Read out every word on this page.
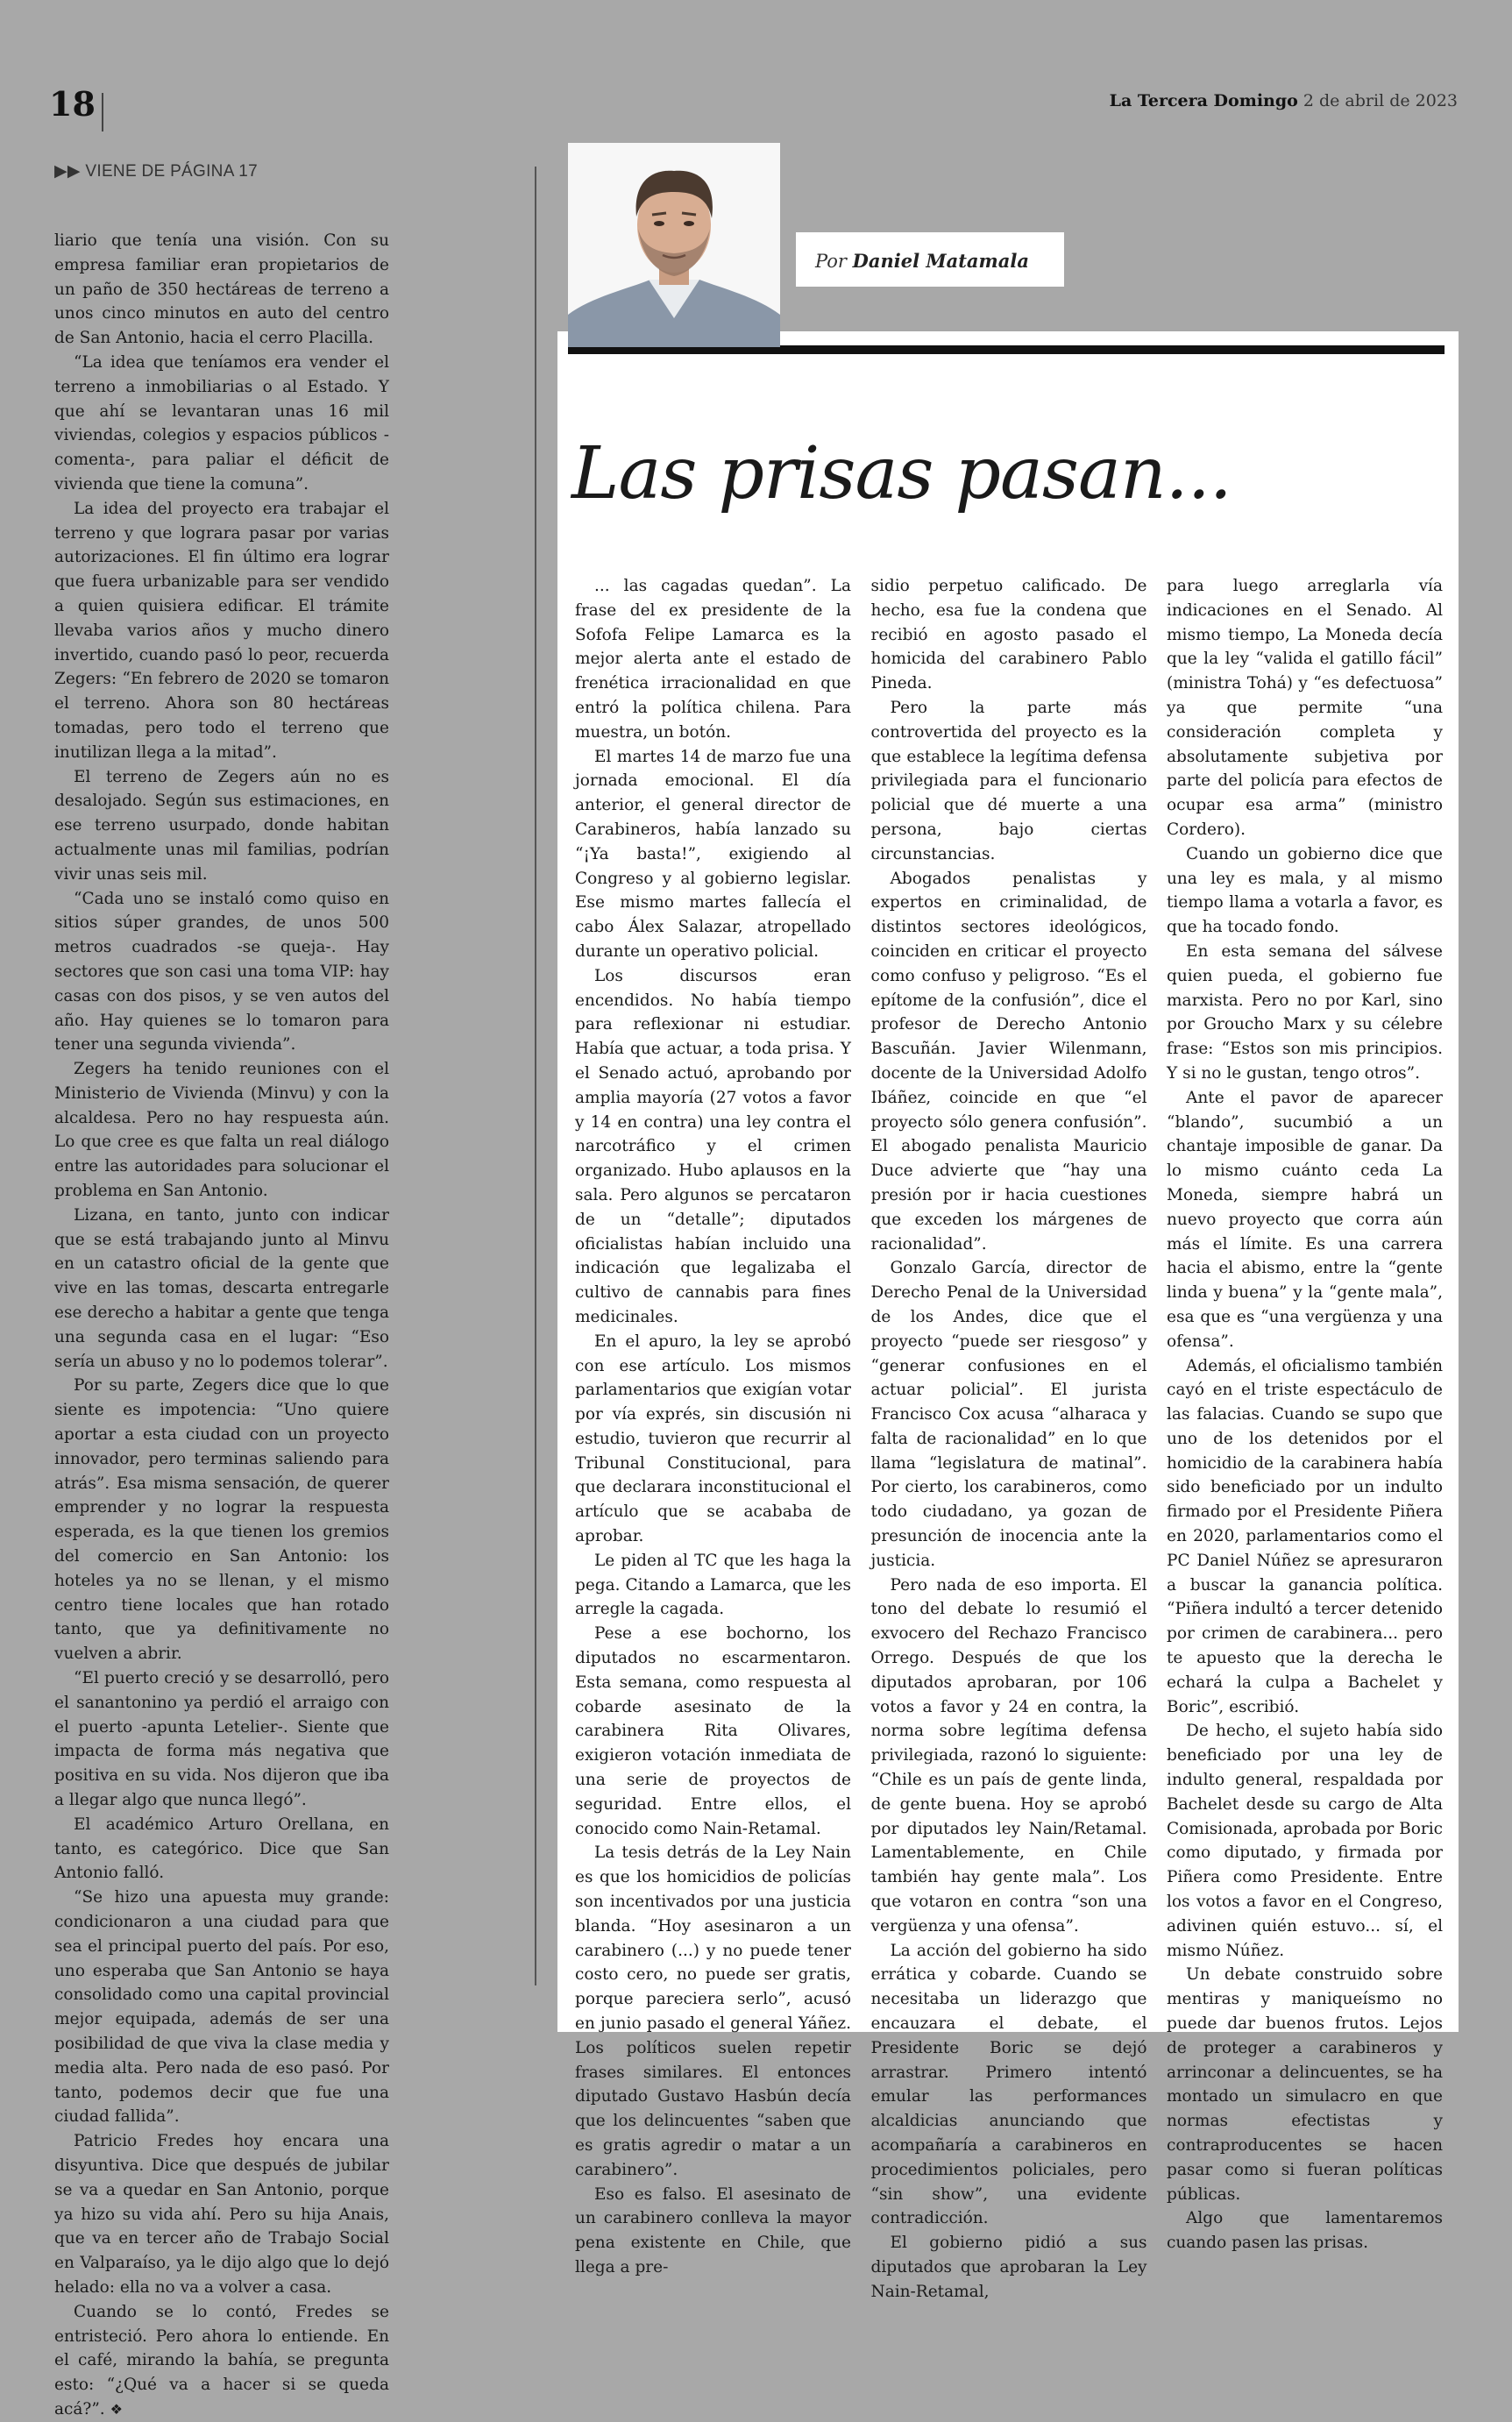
18	La Tercera Domingo 2 de abril de 2023
▶▶ VIENE DE PÁGINA 17

liario que tenía una visión. Con su empresa familiar eran propietarios de un paño de 350 hectáreas de terreno a unos cinco minutos en auto del centro de San Antonio, hacia el cerro Placilla.

“La idea que teníamos era vender el terreno a inmobiliarias o al Estado. Y que ahí se levantaran unas 16 mil viviendas, colegios y espacios públicos -comenta-, para paliar el déficit de vivienda que tiene la comuna”.

La idea del proyecto era trabajar el terreno y que lograra pasar por varias autorizaciones. El fin último era lograr que fuera urbanizable para ser vendido a quien quisiera edificar. El trámite llevaba varios años y mucho dinero invertido, cuando pasó lo peor, recuerda Zegers: “En febrero de 2020 se tomaron el terreno. Ahora son 80 hectáreas tomadas, pero todo el terreno que inutilizan llega a la mitad”.

El terreno de Zegers aún no es desalojado. Según sus estimaciones, en ese terreno usurpado, donde habitan actualmente unas mil familias, podrían vivir unas seis mil.

“Cada uno se instaló como quiso en sitios súper grandes, de unos 500 metros cuadrados -se queja-. Hay sectores que son casi una toma VIP: hay casas con dos pisos, y se ven autos del año. Hay quienes se lo tomaron para tener una segunda vivienda”.

Zegers ha tenido reuniones con el Ministerio de Vivienda (Minvu) y con la alcaldesa. Pero no hay respuesta aún. Lo que cree es que falta un real diálogo entre las autoridades para solucionar el problema en San Antonio.

Lizana, en tanto, junto con indicar que se está trabajando junto al Minvu en un catastro oficial de la gente que vive en las tomas, descarta entregarle ese derecho a habitar a gente que tenga una segunda casa en el lugar: “Eso sería un abuso y no lo podemos tolerar”.

Por su parte, Zegers dice que lo que siente es impotencia: “Uno quiere aportar a esta ciudad con un proyecto innovador, pero terminas saliendo para atrás”. Esa misma sensación, de querer emprender y no lograr la respuesta esperada, es la que tienen los gremios del comercio en San Antonio: los hoteles ya no se llenan, y el mismo centro tiene locales que han rotado tanto, que ya definitivamente no vuelven a abrir.

“El puerto creció y se desarrolló, pero el sanantonino ya perdió el arraigo con el puerto -apunta Letelier-. Siente que impacta de forma más negativa que positiva en su vida. Nos dijeron que iba a llegar algo que nunca llegó”.

El académico Arturo Orellana, en tanto, es categórico. Dice que San Antonio falló.

“Se hizo una apuesta muy grande: condicionaron a una ciudad para que sea el principal puerto del país. Por eso, uno esperaba que San Antonio se haya consolidado como una capital provincial mejor equipada, además de ser una posibilidad de que viva la clase media y media alta. Pero nada de eso pasó. Por tanto, podemos decir que fue una ciudad fallida”.

Patricio Fredes hoy encara una disyuntiva. Dice que después de jubilar se va a quedar en San Antonio, porque ya hizo su vida ahí. Pero su hija Anais, que va en tercer año de Trabajo Social en Valparaíso, ya le dijo algo que lo dejó helado: ella no va a volver a casa.

Cuando se lo contó, Fredes se entristeció. Pero ahora lo entiende. En el café, mirando la bahía, se pregunta esto: “¿Qué va a hacer si se queda acá?”. ❖

Las prisas pasan...

... las cagadas quedan”. La frase del ex presidente de la Sofofa Felipe Lamarca es la mejor alerta ante el estado de frenética irracionalidad en que entró la política chilena. Para muestra, un botón.

El martes 14 de marzo fue una jornada emocional. El día anterior, el general director de Carabineros, había lanzado su “¡Ya basta!”, exigiendo al Congreso y al gobierno legislar. Ese mismo martes fallecía el cabo Álex Salazar, atropellado durante un operativo policial.

Los discursos eran encendidos. No había tiempo para reflexionar ni estudiar. Había que actuar, a toda prisa. Y el Senado actuó, aprobando por amplia mayoría (27 votos a favor y 14 en contra) una ley contra el narcotráfico y el crimen organizado. Hubo aplausos en la sala. Pero algunos se percataron de un “detalle”; diputados oficialistas habían incluido una indicación que legalizaba el cultivo de cannabis para fines medicinales.

En el apuro, la ley se aprobó con ese artículo. Los mismos parlamentarios que exigían votar por vía exprés, sin discusión ni estudio, tuvieron que recurrir al Tribunal Constitucional, para que declarara inconstitucional el artículo que se acababa de aprobar.

Le piden al TC que les haga la pega. Citando a Lamarca, que les arregle la cagada.

Pese a ese bochorno, los diputados no escarmentaron. Esta semana, como respuesta al cobarde asesinato de la carabinera Rita Olivares, exigieron votación inmediata de una serie de proyectos de seguridad. Entre ellos, el conocido como Nain-Retamal.

La tesis detrás de la Ley Nain es que los homicidios de policías son incentivados por una justicia blanda. “Hoy asesinaron a un carabinero (...) y no puede tener costo cero, no puede ser gratis, porque pareciera serlo”, acusó en junio pasado el general Yáñez. Los políticos suelen repetir frases similares. El entonces diputado Gustavo Hasbún decía que los delincuentes “saben que es gratis agredir o matar a un carabinero”.

Eso es falso. El asesinato de un carabinero conlleva la mayor pena existente en Chile, que llega a pre-

sidio perpetuo calificado. De hecho, esa fue la condena que recibió en agosto pasado el homicida del carabinero Pablo Pineda.

Pero la parte más controvertida del proyecto es la que establece la legítima defensa privilegiada para el funcionario policial que dé muerte a una persona, bajo ciertas circunstancias.

Abogados penalistas y expertos en criminalidad, de distintos sectores ideológicos, coinciden en criticar el proyecto como confuso y peligroso. “Es el epítome de la confusión”, dice el profesor de Derecho Antonio Bascuñán. Javier Wilenmann, docente de la Universidad Adolfo Ibáñez, coincide en que “el proyecto sólo genera confusión”. El abogado penalista Mauricio Duce advierte que “hay una presión por ir hacia cuestiones que exceden los márgenes de racionalidad”.

Gonzalo García, director de Derecho Penal de la Universidad de los Andes, dice que el proyecto “puede ser riesgoso” y “generar confusiones en el actuar policial”. El jurista Francisco Cox acusa “alharaca y falta de racionalidad” en lo que llama “legislatura de matinal”. Por cierto, los carabineros, como todo ciudadano, ya gozan de presunción de inocencia ante la justicia.

Pero nada de eso importa. El tono del debate lo resumió el exvocero del Rechazo Francisco Orrego. Después de que los diputados aprobaran, por 106 votos a favor y 24 en contra, la norma sobre legítima defensa privilegiada, razonó lo siguiente: “Chile es un país de gente linda, de gente buena. Hoy se aprobó por diputados ley Nain/Retamal. Lamentablemente, en Chile también hay gente mala”. Los que votaron en contra “son una vergüenza y una ofensa”.

La acción del gobierno ha sido errática y cobarde. Cuando se necesitaba un liderazgo que encauzara el debate, el Presidente Boric se dejó arrastrar. Primero intentó emular las performances alcaldicias anunciando que acompañaría a carabineros en procedimientos policiales, pero “sin show”, una evidente contradicción.

El gobierno pidió a sus diputados que aprobaran la Ley Nain-Retamal,

para luego arreglarla vía indicaciones en el Senado. Al mismo tiempo, La Moneda decía que la ley “valida el gatillo fácil” (ministra Tohá) y “es defectuosa” ya que permite “una consideración completa y absolutamente subjetiva por parte del policía para efectos de ocupar esa arma” (ministro Cordero).

Cuando un gobierno dice que una ley es mala, y al mismo tiempo llama a votarla a favor, es que ha tocado fondo.

En esta semana del sálvese quien pueda, el gobierno fue marxista. Pero no por Karl, sino por Groucho Marx y su célebre frase: “Estos son mis principios. Y si no le gustan, tengo otros”.

Ante el pavor de aparecer “blando”, sucumbió a un chantaje imposible de ganar. Da lo mismo cuánto ceda La Moneda, siempre habrá un nuevo proyecto que corra aún más el límite. Es una carrera hacia el abismo, entre la “gente linda y buena” y la “gente mala”, esa que es “una vergüenza y una ofensa”.

Además, el oficialismo también cayó en el triste espectáculo de las falacias. Cuando se supo que uno de los detenidos por el homicidio de la carabinera había sido beneficiado por un indulto firmado por el Presidente Piñera en 2020, parlamentarios como el PC Daniel Núñez se apresuraron a buscar la ganancia política. “Piñera indultó a tercer detenido por crimen de carabinera... pero te apuesto que la derecha le echará la culpa a Bachelet y Boric”, escribió.

De hecho, el sujeto había sido beneficiado por una ley de indulto general, respaldada por Bachelet desde su cargo de Alta Comisionada, aprobada por Boric como diputado, y firmada por Piñera como Presidente. Entre los votos a favor en el Congreso, adivinen quién estuvo... sí, el mismo Núñez.

Un debate construido sobre mentiras y maniqueísmo no puede dar buenos frutos. Lejos de proteger a carabineros y arrinconar a delincuentes, se ha montado un simulacro en que normas efectistas y contraproducentes se hacen pasar como si fueran políticas públicas.

Algo que lamentaremos cuando pasen las prisas.

Por Daniel Matamala
